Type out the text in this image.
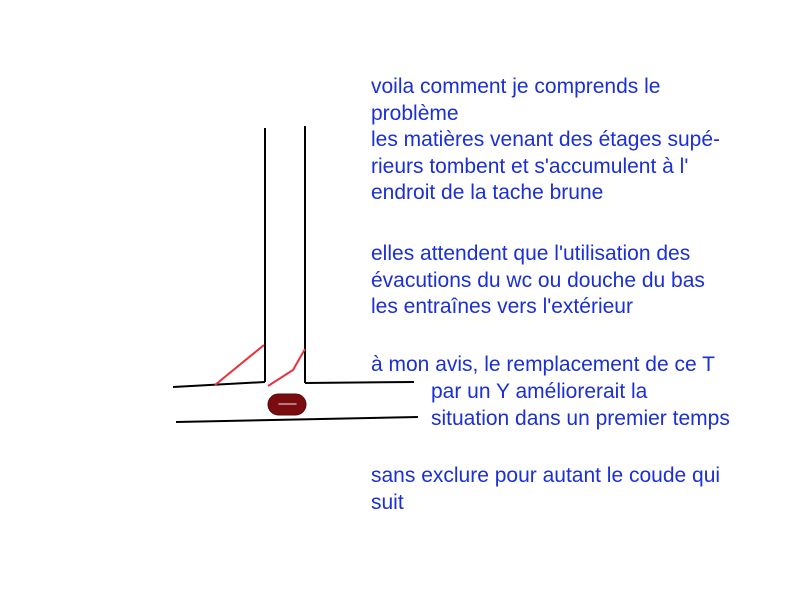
voila comment je comprends le
problème
les matières venant des étages supé-
rieurs tombent et s'accumulent à l'
endroit de la tache brune

elles attendent que l'utilisation des
évacutions du wc ou douche du bas
les entraînes vers l'extérieur

à mon avis, le remplacement de ce T

par un Y améliorerait la
situation dans un premier temps

sans exclure pour autant le coude qui
suit
